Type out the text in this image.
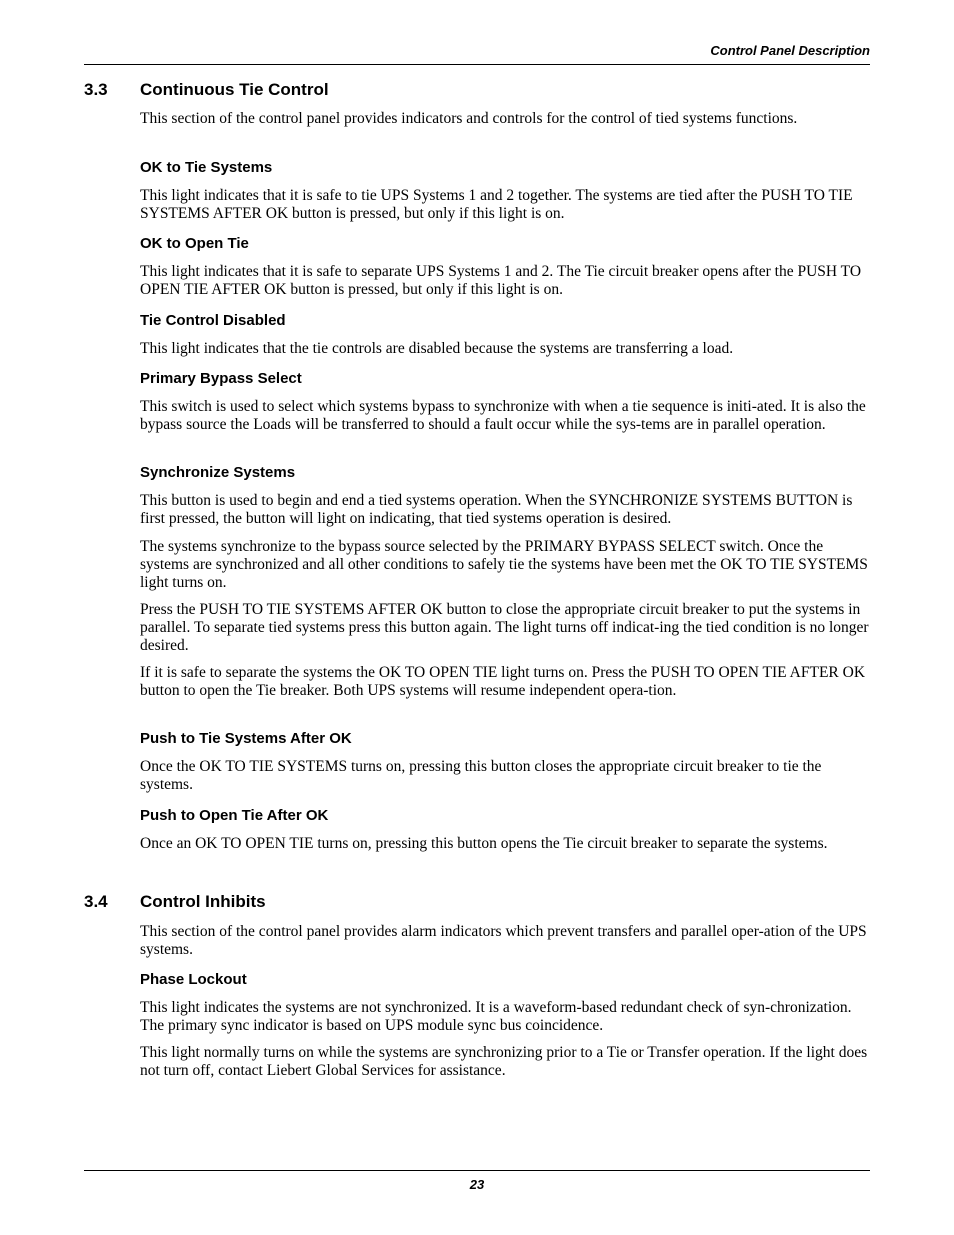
Control Panel Description
3.3 Continuous Tie Control
This section of the control panel provides indicators and controls for the control of tied systems functions.
OK to Tie Systems
This light indicates that it is safe to tie UPS Systems 1 and 2 together. The systems are tied after the PUSH TO TIE SYSTEMS AFTER OK button is pressed, but only if this light is on.
OK to Open Tie
This light indicates that it is safe to separate UPS Systems 1 and 2. The Tie circuit breaker opens after the PUSH TO OPEN TIE AFTER OK button is pressed, but only if this light is on.
Tie Control Disabled
This light indicates that the tie controls are disabled because the systems are transferring a load.
Primary Bypass Select
This switch is used to select which systems bypass to synchronize with when a tie sequence is initi-ated. It is also the bypass source the Loads will be transferred to should a fault occur while the sys-tems are in parallel operation.
Synchronize Systems
This button is used to begin and end a tied systems operation. When the SYNCHRONIZE SYSTEMS BUTTON is first pressed, the button will light on indicating, that tied systems operation is desired.
The systems synchronize to the bypass source selected by the PRIMARY BYPASS SELECT switch. Once the systems are synchronized and all other conditions to safely tie the systems have been met the OK TO TIE SYSTEMS light turns on.
Press the PUSH TO TIE SYSTEMS AFTER OK button to close the appropriate circuit breaker to put the systems in parallel. To separate tied systems press this button again. The light turns off indicat-ing the tied condition is no longer desired.
If it is safe to separate the systems the OK TO OPEN TIE light turns on. Press the PUSH TO OPEN TIE AFTER OK button to open the Tie breaker. Both UPS systems will resume independent opera-tion.
Push to Tie Systems After OK
Once the OK TO TIE SYSTEMS turns on, pressing this button closes the appropriate circuit breaker to tie the systems.
Push to Open Tie After OK
Once an OK TO OPEN TIE turns on, pressing this button opens the Tie circuit breaker to separate the systems.
3.4 Control Inhibits
This section of the control panel provides alarm indicators which prevent transfers and parallel oper-ation of the UPS systems.
Phase Lockout
This light indicates the systems are not synchronized. It is a waveform-based redundant check of syn-chronization. The primary sync indicator is based on UPS module sync bus coincidence.
This light normally turns on while the systems are synchronizing prior to a Tie or Transfer operation. If the light does not turn off, contact Liebert Global Services for assistance.
23
